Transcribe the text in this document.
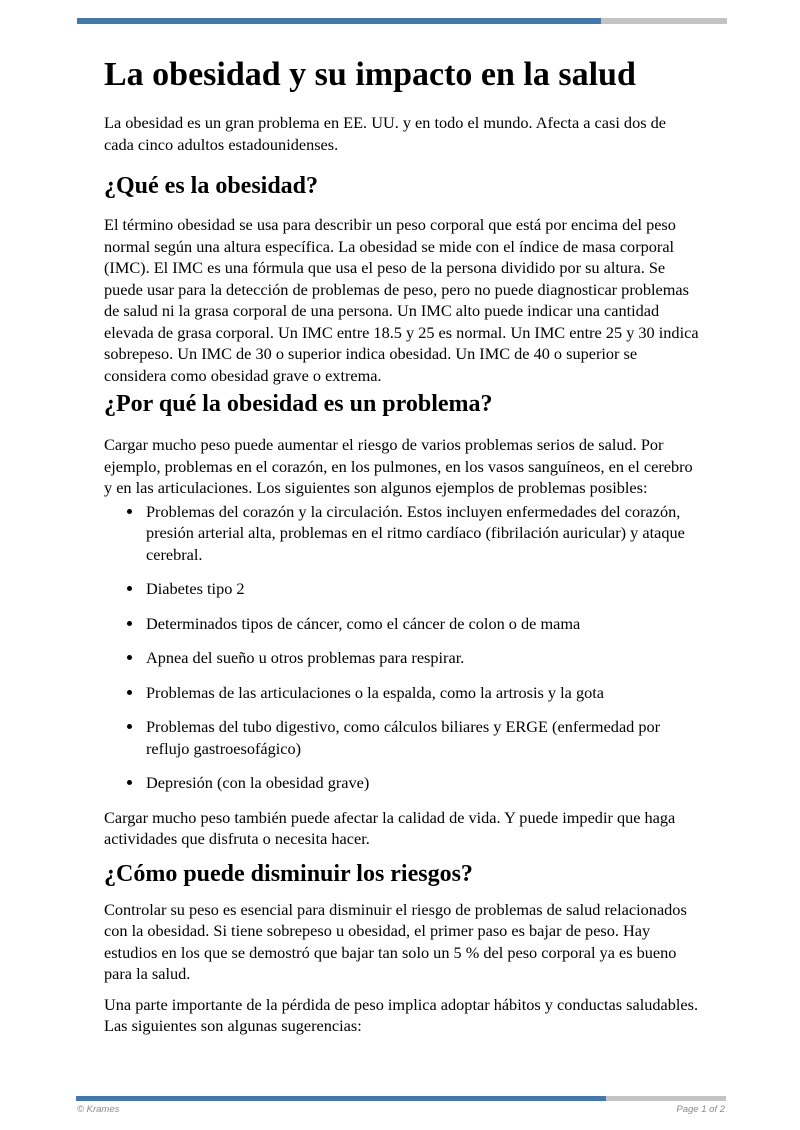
La obesidad y su impacto en la salud

La obesidad es un gran problema en EE. UU. y en todo el mundo. Afecta a casi dos de cada cinco adultos estadounidenses.

¿Qué es la obesidad?

El término obesidad se usa para describir un peso corporal que está por encima del peso normal según una altura específica. La obesidad se mide con el índice de masa corporal (IMC). El IMC es una fórmula que usa el peso de la persona dividido por su altura. Se puede usar para la detección de problemas de peso, pero no puede diagnosticar problemas de salud ni la grasa corporal de una persona. Un IMC alto puede indicar una cantidad elevada de grasa corporal. Un IMC entre 18.5 y 25 es normal. Un IMC entre 25 y 30 indica sobrepeso. Un IMC de 30 o superior indica obesidad. Un IMC de 40 o superior se considera como obesidad grave o extrema.

¿Por qué la obesidad es un problema?

Cargar mucho peso puede aumentar el riesgo de varios problemas serios de salud. Por ejemplo, problemas en el corazón, en los pulmones, en los vasos sanguíneos, en el cerebro y en las articulaciones. Los siguientes son algunos ejemplos de problemas posibles:

• Problemas del corazón y la circulación. Estos incluyen enfermedades del corazón, presión arterial alta, problemas en el ritmo cardíaco (fibrilación auricular) y ataque cerebral.
• Diabetes tipo 2
• Determinados tipos de cáncer, como el cáncer de colon o de mama
• Apnea del sueño u otros problemas para respirar.
• Problemas de las articulaciones o la espalda, como la artrosis y la gota
• Problemas del tubo digestivo, como cálculos biliares y ERGE (enfermedad por reflujo gastroesofágico)
• Depresión (con la obesidad grave)

Cargar mucho peso también puede afectar la calidad de vida. Y puede impedir que haga actividades que disfruta o necesita hacer.

¿Cómo puede disminuir los riesgos?

Controlar su peso es esencial para disminuir el riesgo de problemas de salud relacionados con la obesidad. Si tiene sobrepeso u obesidad, el primer paso es bajar de peso. Hay estudios en los que se demostró que bajar tan solo un 5 % del peso corporal ya es bueno para la salud.

Una parte importante de la pérdida de peso implica adoptar hábitos y conductas saludables. Las siguientes son algunas sugerencias:

© Krames	Page 1 of 2
